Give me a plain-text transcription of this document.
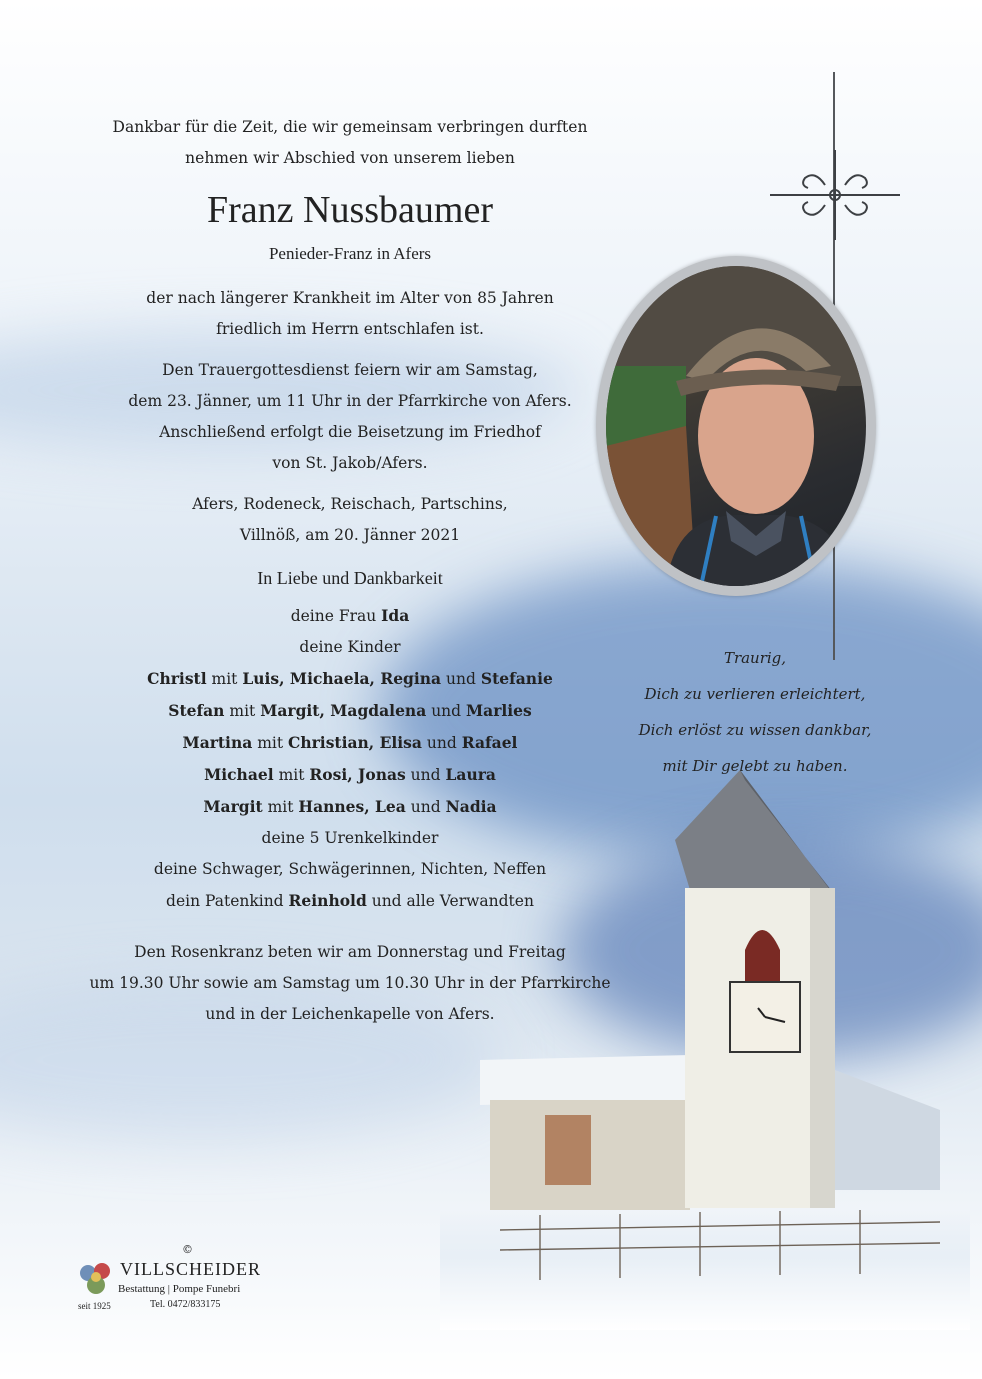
Dankbar für die Zeit, die wir gemeinsam verbringen durften

nehmen wir Abschied von unserem lieben

Franz Nussbaumer

Penieder-Franz in Afers

der nach längerer Krankheit im Alter von 85 Jahren

friedlich im Herrn entschlafen ist.

Den Trauergottesdienst feiern wir am Samstag,

dem 23. Jänner, um 11 Uhr in der Pfarrkirche von Afers.

Anschließend erfolgt die Beisetzung im Friedhof

von St. Jakob/Afers.

Afers, Rodeneck, Reischach, Partschins,

Villnöß, am 20. Jänner 2021

In Liebe und Dankbarkeit

deine Frau Ida

deine Kinder

Christl mit Luis, Michaela, Regina und Stefanie

Stefan mit Margit, Magdalena und Marlies

Martina mit Christian, Elisa und Rafael

Michael mit Rosi, Jonas und Laura

Margit mit Hannes, Lea und Nadia

deine 5 Urenkelkinder

deine Schwager, Schwägerinnen, Nichten, Neffen

dein Patenkind Reinhold und alle Verwandten

Den Rosenkranz beten wir am Donnerstag und Freitag

um 19.30 Uhr sowie am Samstag um 10.30 Uhr in der Pfarrkirche

und in der Leichenkapelle von Afers.

Traurig,

Dich zu verlieren erleichtert,

Dich erlöst zu wissen dankbar,

mit Dir gelebt zu haben.

©
VILLSCHEIDER
Bestattung | Pompe Funebri
Tel. 0472/833175
seit 1925
